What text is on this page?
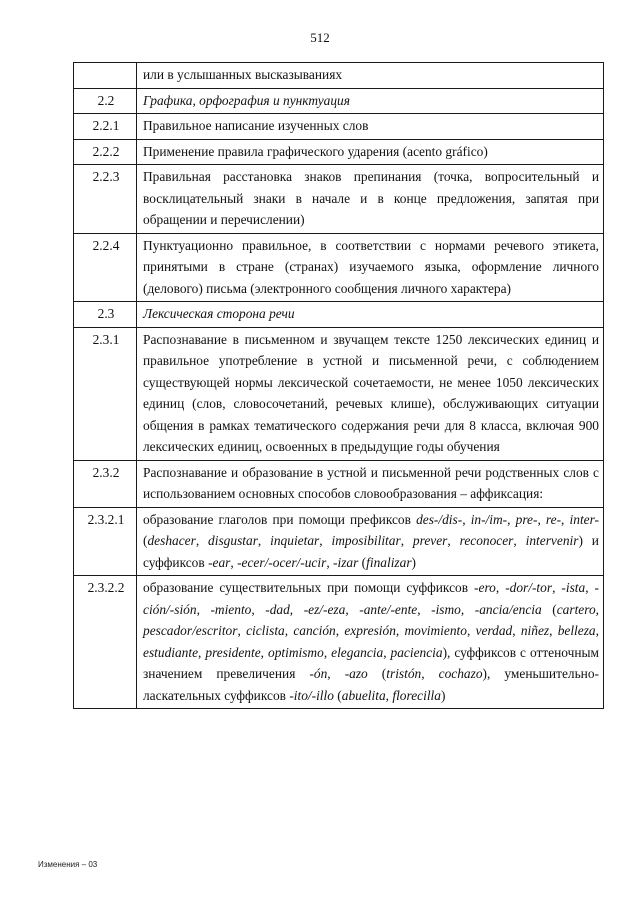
512
	или в услышанных высказываниях
2.2	Графика, орфография и пунктуация
2.2.1	Правильное написание изученных слов
2.2.2	Применение правила графического ударения (acento gráfico)
2.2.3	Правильная расстановка знаков препинания (точка, вопросительный и восклицательный знаки в начале и в конце предложения, запятая при обращении и перечислении)
2.2.4	Пунктуационно правильное, в соответствии с нормами речевого этикета, принятыми в стране (странах) изучаемого языка, оформление личного (делового) письма (электронного сообщения личного характера)
2.3	Лексическая сторона речи
2.3.1	Распознавание в письменном и звучащем тексте 1250 лексических единиц и правильное употребление в устной и письменной речи, с соблюдением существующей нормы лексической сочетаемости, не менее 1050 лексических единиц (слов, словосочетаний, речевых клише), обслуживающих ситуации общения в рамках тематического содержания речи для 8 класса, включая 900 лексических единиц, освоенных в предыдущие годы обучения
2.3.2	Распознавание и образование в устной и письменной речи родственных слов с использованием основных способов словообразования – аффиксация:
2.3.2.1	образование глаголов при помощи префиксов des-/dis-, in-/im-, pre-, re-, inter- (deshacer, disgustar, inquietar, imposibilitar, prever, reconocer, intervenir) и суффиксов -ear, -ecer/-ocer/-ucir, -izar (finalizar)
2.3.2.2	образование существительных при помощи суффиксов -ero, -dor/-tor, -ista, -ción/-sión, -miento, -dad, -ez/-eza, -ante/-ente, -ismo, -ancia/encia (cartero, pescador/escritor, ciclista, canción, expresión, movimiento, verdad, niñez, belleza, estudiante, presidente, optimismo, elegancia, paciencia), суффиксов с оттеночным значением превеличения -ón, -azo (tristón, cochazo), уменьшительно-ласкательных суффиксов -ito/-illo (abuelita, florecilla)
Изменения – 03
